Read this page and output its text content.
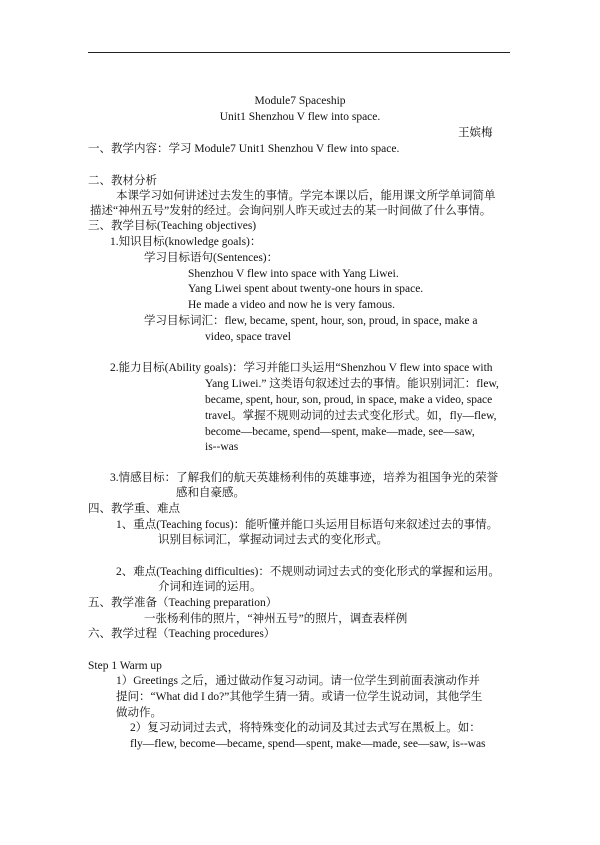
Module7 Spaceship
Unit1 Shenzhou V flew into space.
王嫔梅
一、教学内容：学习 Module7 Unit1 Shenzhou V flew into space.
二、教材分析
本课学习如何讲述过去发生的事情。学完本课以后，能用课文所学单词简单
描述“神州五号”发射的经过。会询问别人昨天或过去的某一时间做了什么事情。
三、教学目标(Teaching objectives)
1.知识目标(knowledge goals)：
学习目标语句(Sentences)：
Shenzhou V flew into space with Yang Liwei.
Yang Liwei spent about twenty-one hours in space.
He made a video and now he is very famous.
学习目标词汇：flew, became, spent, hour, son, proud, in space, make a
video, space travel
2.能力目标(Ability goals)：学习并能口头运用“Shenzhou V flew into space with
Yang Liwei.” 这类语句叙述过去的事情。能识别词汇：flew,
became, spent, hour, son, proud, in space, make a video, space
travel。掌握不规则动词的过去式变化形式。如，fly—flew,
become—became, spend—spent, make—made, see—saw,
is--was
3.情感目标：了解我们的航天英雄杨利伟的英雄事迹，培养为祖国争光的荣誉
感和自豪感。
四、教学重、难点
1、重点(Teaching focus)：能听懂并能口头运用目标语句来叙述过去的事情。
识别目标词汇，掌握动词过去式的变化形式。
2、难点(Teaching difficulties)：不规则动词过去式的变化形式的掌握和运用。
介词和连词的运用。
五、教学准备（Teaching preparation）
一张杨利伟的照片，“神州五号”的照片，调查表样例
六、教学过程（Teaching procedures）
Step 1 Warm up
1）Greetings 之后，通过做动作复习动词。请一位学生到前面表演动作并
提问：“What did I do?”其他学生猜一猜。或请一位学生说动词，其他学生
做动作。
2）复习动词过去式，将特殊变化的动词及其过去式写在黑板上。如：
fly—flew, become—became, spend—spent, make—made, see—saw, is--was
